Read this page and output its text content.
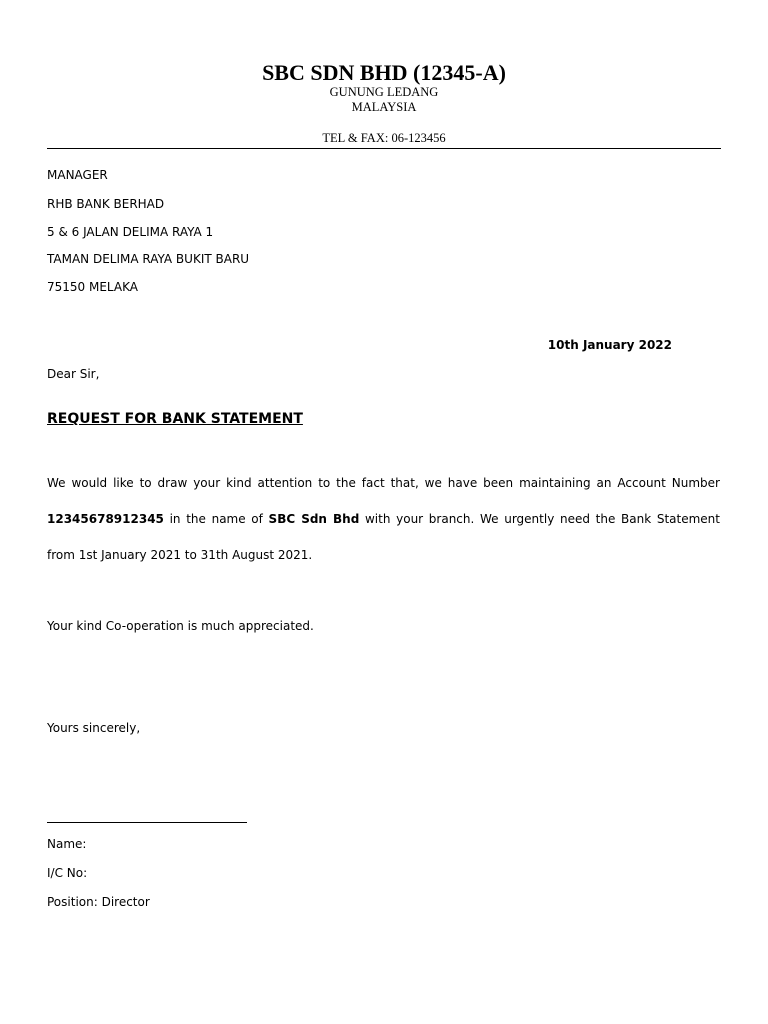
SBC SDN BHD (12345-A)
GUNUNG LEDANG
MALAYSIA
TEL & FAX: 06-123456
MANAGER
RHB BANK BERHAD
5 & 6 JALAN DELIMA RAYA 1
TAMAN DELIMA RAYA BUKIT BARU
75150 MELAKA
10th January 2022
Dear Sir,
REQUEST FOR BANK STATEMENT
We would like to draw your kind attention to the fact that, we have been maintaining an Account Number
12345678912345 in the name of SBC Sdn Bhd with your branch. We urgently need the Bank Statement
from 1st January 2021 to 31th August 2021.
Your kind Co-operation is much appreciated.
Yours sincerely,
Name:
I/C No:
Position: Director
